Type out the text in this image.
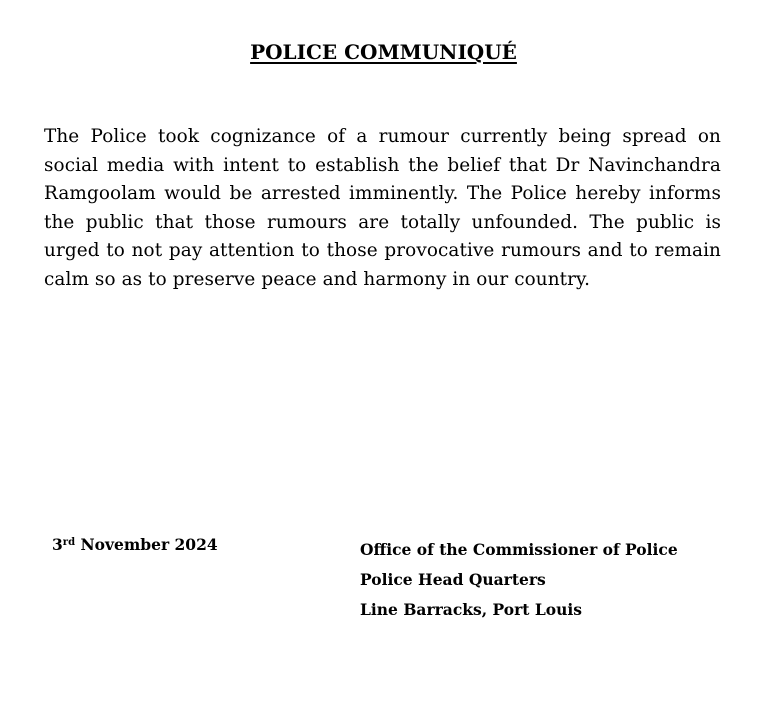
POLICE COMMUNIQUÉ

The Police took cognizance of a rumour currently being spread on social media with intent to establish the belief that Dr Navinchandra Ramgoolam would be arrested imminently. The Police hereby informs the public that those rumours are totally unfounded. The public is urged to not pay attention to those provocative rumours and to remain calm so as to preserve peace and harmony in our country.

3rd November 2024	Office of the Commissioner of Police
Police Head Quarters
Line Barracks, Port Louis
